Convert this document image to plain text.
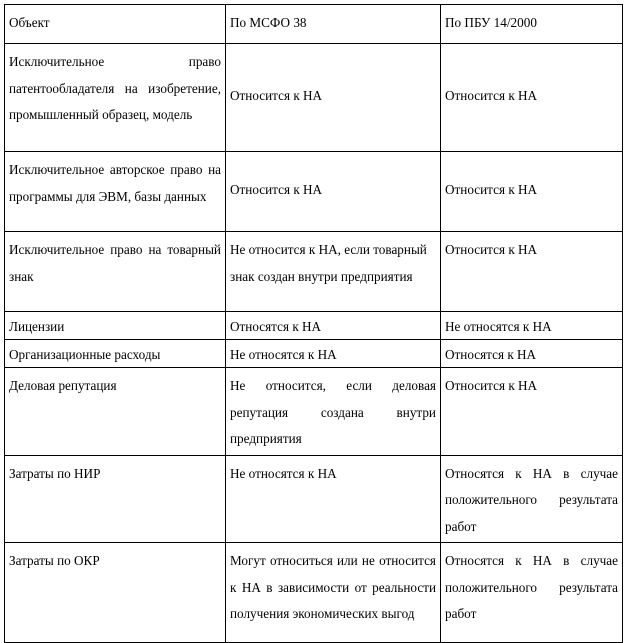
Объект	По МСФО 38	По ПБУ 14/2000
Исключительное право патентообладателя на изобретение, промышленный образец, модель	Относится к НА	Относится к НА
Исключительное авторское право на программы для ЭВМ, базы данных	Относится к НА	Относится к НА
Исключительное право на товарный знак	Не относится к НА, если товарный знак создан внутри предприятия	Относится к НА
Лицензии	Относятся к НА	Не относятся к НА
Организационные расходы	Не относятся к НА	Относятся к НА
Деловая репутация	Не относится, если деловая репутация создана внутри предприятия	Относится к НА
Затраты по НИР	Не относятся к НА	Относятся к НА в случае положительного результата работ
Затраты по ОКР	Могут относиться или не относится к НА в зависимости от реальности получения экономических выгод	Относятся к НА в случае положительного результата работ
